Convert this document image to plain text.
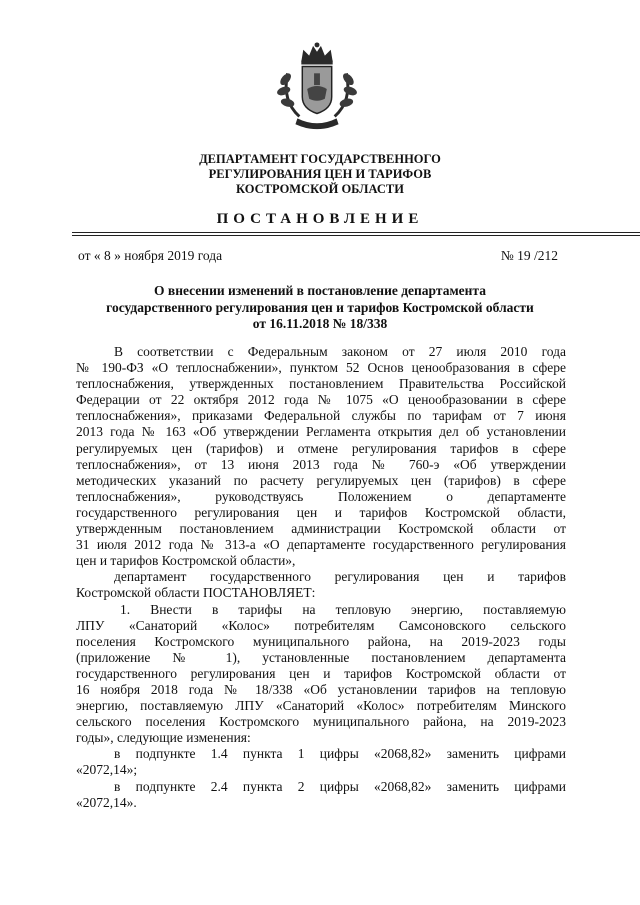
ДЕПАРТАМЕНТ ГОСУДАРСТВЕННОГО
РЕГУЛИРОВАНИЯ ЦЕН И ТАРИФОВ
КОСТРОМСКОЙ ОБЛАСТИ
ПОСТАНОВЛЕНИЕ
от « 8 » ноября 2019 года	№ 19 /212
О внесении изменений в постановление департамента
государственного регулирования цен и тарифов Костромской области
от 16.11.2018 № 18/338
В соответствии с Федеральным законом от 27 июля 2010 года
№ 190-ФЗ «О теплоснабжении», пунктом 52 Основ ценообразования в сфере
теплоснабжения, утвержденных постановлением Правительства Российской
Федерации от 22 октября 2012 года № 1075 «О ценообразовании в сфере
теплоснабжения», приказами Федеральной службы по тарифам от 7 июня
2013 года № 163 «Об утверждении Регламента открытия дел об установлении
регулируемых цен (тарифов) и отмене регулирования тарифов в сфере
теплоснабжения», от 13 июня 2013 года № 760-э «Об утверждении
методических указаний по расчету регулируемых цен (тарифов) в сфере
теплоснабжения», руководствуясь Положением о департаменте
государственного регулирования цен и тарифов Костромской области,
утвержденным постановлением администрации Костромской области от
31 июля 2012 года № 313-а «О департаменте государственного регулирования
цен и тарифов Костромской области»,
департамент государственного регулирования цен и тарифов
Костромской области ПОСТАНОВЛЯЕТ:
1. Внести в тарифы на тепловую энергию, поставляемую
ЛПУ «Санаторий «Колос» потребителям Самсоновского сельского
поселения Костромского муниципального района, на 2019-2023 годы
(приложение № 1), установленные постановлением департамента
государственного регулирования цен и тарифов Костромской области от
16 ноября 2018 года № 18/338 «Об установлении тарифов на тепловую
энергию, поставляемую ЛПУ «Санаторий «Колос» потребителям Минского
сельского поселения Костромского муниципального района, на 2019-2023
годы», следующие изменения:
в подпункте 1.4 пункта 1 цифры «2068,82» заменить цифрами
«2072,14»;
в подпункте 2.4 пункта 2 цифры «2068,82» заменить цифрами
«2072,14».
